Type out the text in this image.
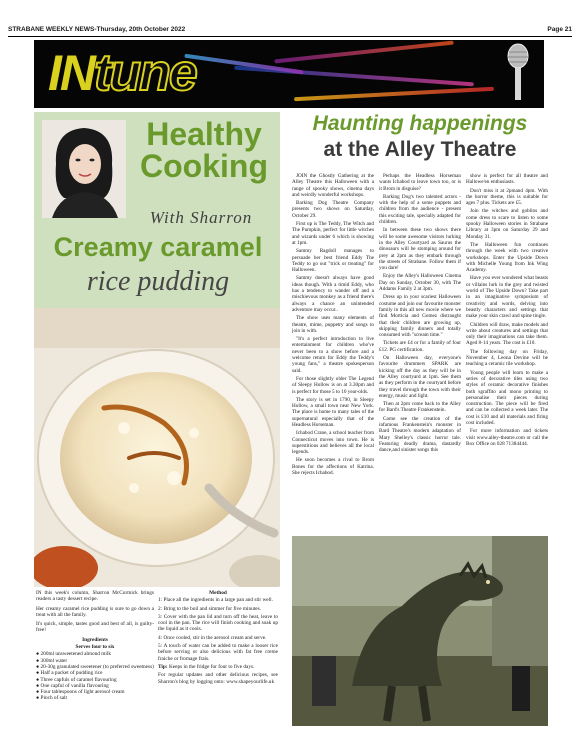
STRABANE WEEKLY NEWS-Thursday, 20th October 2022	Page 21
INtune
Healthy
Cooking
With Sharron
Creamy caramel
rice pudding

IN this week's column, Sharron McCormick brings readers a tasty dessert recipe.

Her creamy caramel rice pudding is sure to go down a treat with all the family.

It's quick, simple, tastes good and best of all, is guilty-free!

Ingredients
Serves four to six

● 200ml unsweetened almond milk

● 300ml water

● 20-30g granulated sweetener (to preferred sweetness)

● Half a packet of pudding rice

● Three capfuls of caramel flavouring

● One capful of vanilla flavouring

● Four tablespoons of light aerosol cream

● Pinch of salt

Method

1: Place all the ingredients in a large pan and stir well.

2: Bring to the boil and simmer for five minutes.

3: Cover with the pan lid and turn off the heat, leave to cool in the pan. The rice will finish cooking and soak up the liquid as it cools.

4: Once cooled, stir in the aerosol cream and serve.

5: A touch of water can be added to make a looser rice before serving or also delicious with fat free creme fraiche or fromage frais.

Tip: Keeps in the fridge for four to five days.

For regular updates and other delicious recipes, see Sharron's blog by logging onto: www.shapeyourlife.uk

Haunting happenings
at the Alley Theatre

JOIN the Ghostly Gathering at the Alley Theatre this Halloween with a range of spooky shows, cinema days and weirdly wonderful workshops.

Barking Dog Theatre Company presents two shows on Saturday, October 29.

First up is The Teddy, The Witch and The Pumpkin, perfect for little witches and wizards under 6 which is showing at 1pm.

Sammy Ragdoll manages to persuade her best friend Eddy The Teddy to go out "trick or treating" for Halloween.

Sammy doesn't always have good ideas though. With a timid Eddy, who has a tendency to wander off and a mischievous monkey as a friend there's always a chance an unintended adventure may occur..

The show uses many elements of theatre, mime, puppetry and songs to join in with.

"It's a perfect introduction to live entertainment for children who've never been to a show before and a welcome return for Eddy the Teddy's young fans," a theatre spokesperson said.

For those slightly older The Legend of Sleepy Hollow is on at 3.30pm and is perfect for those 5 to 10 year-olds.

The story is set in 1790, in Sleepy Hollow, a small town near New York. The place is home to many tales of the supernatural especially that of the Headless Horseman.

Ichabod Crane, a school teacher from Connecticut moves into town. He is superstitious and believes all the local legends.

He soon becomes a rival to Brom Bones for the affections of Katrina. She rejects Ichabod.

Perhaps the Headless Horseman wants Ichabod to leave town too, or is it Brom in disguise?

Barking Dog's two talented actors - with the help of a some puppets and children from the audience - present this exciting tale, specially adapted for children.

In between these two shows there will be some awesome visitors lurking in the Alley Courtyard as Saurus the dinosaurs will be stomping around for prey at 2pm as they embark through the streets of Strabane. Follow them if you dare!

Enjoy the Alley's Halloween Cinema Day on Sunday, October 30, with The Addams Family 2 at 3pm.

Dress up in your scariest Halloween costume and join our favourite monster family in this all new movie where we find Morticia and Gomez distraught that their children are growing up, skipping family dinners and totally consumed with "scream time."

Tickets are £4 or for a family of four £12. PG certification.

On Halloween day, everyone's favourite drummers SPARK are kicking off the day as they will be in the Alley courtyard at 1pm. See them as they perform in the courtyard before they travel through the town with their energy, music and light.

Then at 2pm come back to the Alley for Bard's Theatre Frankenstein.

Come see the creation of the infamous Frankenstein's monster in Bard Theatre's modern adaptation of Mary Shelley's classic horror tale. Featuring deadly drama, dastardly dance,and sinister songs this

show is perfect for all theatre and Hallowe'en enthusiasts.

Don't miss it at 2pmand 4pm. With the horror theme, this is suitable for ages 7 plus. Tickets are £5.

Join the witches and goblins and come dress to scare to listen to some spooky Halloween stories in Strabane Library at 3pm on Saturday 29 and Monday 31.

The Halloween fun continues through the week with two creative workshops. Enter the Upside Down with Michelle Young from Ink Wing Academy.

Have you ever wondered what beasts or villains lurk in the grey and twisted world of The Upside Down? Take part in an imaginative symposium of creativity and words, delving into beastly characters and settings that make your skin crawl and spine tingle.

Children will draw, make models and write about creatures and settings that only their imaginations can take them. Aged 8-14 years. The cost is £10.

The following day on Friday, November 4, Leona Devine will be teaching a ceramic tile workshop.

Young people will learn to make a series of decorative tiles using two styles of ceramic decorative finishes both sgraffito and mono printing to personalise their pieces during construction. The piece will be fired and can be collected a week later. The cost is £10 and all materials and firing cost included.

For more information and tickets visit www.alley-theatre.com or call the Box Office on 028 71384444.
